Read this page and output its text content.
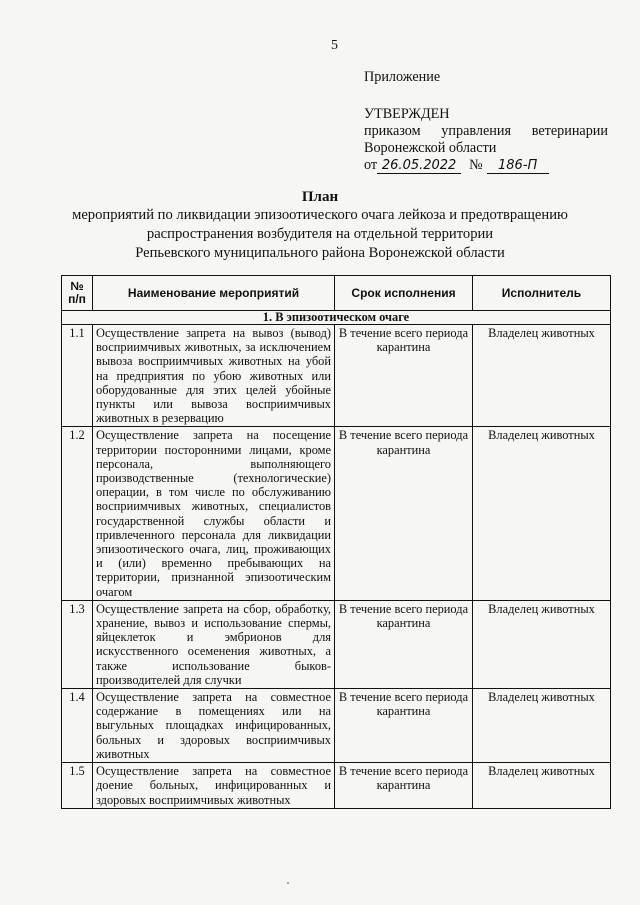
5
Приложение
УТВЕРЖДЕН
приказом управления ветеринарии
Воронежской области
от 26.05.2022 №	186-П
План
мероприятий по ликвидации эпизоотического очага лейкоза и предотвращению
распространения возбудителя на отдельной территории
Репьевского муниципального района Воронежской области
№ п/п	Наименование мероприятий	Срок исполнения	Исполнитель
1. В эпизоотическом очаге			
1.1	Осуществление запрета на вывоз (вывод) восприимчивых животных, за исключением вывоза восприимчивых животных на убой на предприятия по убою животных или оборудованные для этих целей убойные пункты или вывоза восприимчивых животных в резервацию	В течение всего периода карантина	Владелец животных
1.2	Осуществление запрета на посещение территории посторонними лицами, кроме персонала, выполняющего производственные (технологические) операции, в том числе по обслуживанию восприимчивых животных, специалистов государственной службы области и привлеченного персонала для ликвидации эпизоотического очага, лиц, проживающих и (или) временно пребывающих на территории, признанной эпизоотическим очагом	В течение всего периода карантина	Владелец животных
1.3	Осуществление запрета на сбор, обработку, хранение, вывоз и использование спермы, яйцеклеток и эмбрионов для искусственного осеменения животных, а также использование быков-производителей для случки	В течение всего периода карантина	Владелец животных
1.4	Осуществление запрета на совместное содержание в помещениях или на выгульных площадках инфицированных, больных и здоровых восприимчивых животных	В течение всего периода карантина	Владелец животных
1.5	Осуществление запрета на совместное доение больных, инфицированных и здоровых восприимчивых животных	В течение всего периода карантина	Владелец животных
